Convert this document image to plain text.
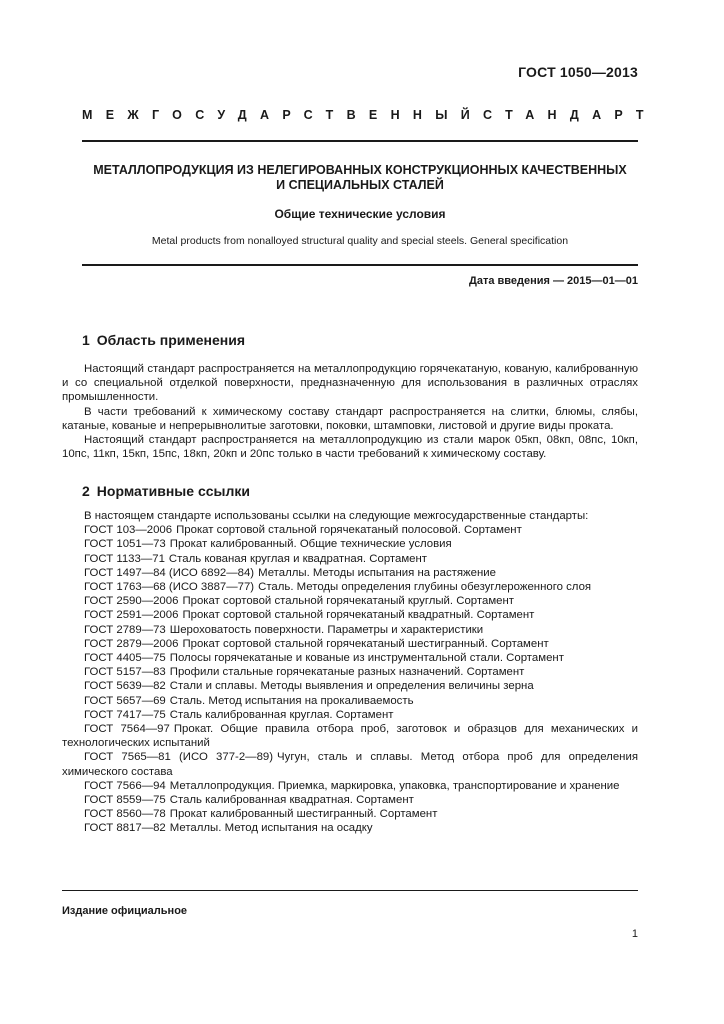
ГОСТ 1050—2013
МЕЖГОСУДАРСТВЕННЫЙ СТАНДАРТ
МЕТАЛЛОПРОДУКЦИЯ ИЗ НЕЛЕГИРОВАННЫХ КОНСТРУКЦИОННЫХ КАЧЕСТВЕННЫХ
И СПЕЦИАЛЬНЫХ СТАЛЕЙ
Общие технические условия
Metal products from nonalloyed structural quality and special steels. General specification
Дата введения — 2015—01—01
1 Область применения

Настоящий стандарт распространяется на металлопродукцию горячекатаную, кованую, калиброванную и со специальной отделкой поверхности, предназначенную для использования в различных отраслях промышленности.

В части требований к химическому составу стандарт распространяется на слитки, блюмы, слябы, катаные, кованые и непрерывнолитые заготовки, поковки, штамповки, листовой и другие виды проката.

Настоящий стандарт распространяется на металлопродукцию из стали марок 05кп, 08кп, 08пс, 10кп, 10пс, 11кп, 15кп, 15пс, 18кп, 20кп и 20пс только в части требований к химическому составу.

2 Нормативные ссылки

В настоящем стандарте использованы ссылки на следующие межгосударственные стандарты:

ГОСТ 103—2006 Прокат сортовой стальной горячекатаный полосовой. Сортамент

ГОСТ 1051—73 Прокат калиброванный. Общие технические условия

ГОСТ 1133—71 Сталь кованая круглая и квадратная. Сортамент

ГОСТ 1497—84 (ИСО 6892—84) Металлы. Методы испытания на растяжение

ГОСТ 1763—68 (ИСО 3887—77) Сталь. Методы определения глубины обезуглероженного слоя

ГОСТ 2590—2006 Прокат сортовой стальной горячекатаный круглый. Сортамент

ГОСТ 2591—2006 Прокат сортовой стальной горячекатаный квадратный. Сортамент

ГОСТ 2789—73 Шероховатость поверхности. Параметры и характеристики

ГОСТ 2879—2006 Прокат сортовой стальной горячекатаный шестигранный. Сортамент

ГОСТ 4405—75 Полосы горячекатаные и кованые из инструментальной стали. Сортамент

ГОСТ 5157—83 Профили стальные горячекатаные разных назначений. Сортамент

ГОСТ 5639—82 Стали и сплавы. Методы выявления и определения величины зерна

ГОСТ 5657—69 Сталь. Метод испытания на прокаливаемость

ГОСТ 7417—75 Сталь калиброванная круглая. Сортамент

ГОСТ 7564—97 Прокат. Общие правила отбора проб, заготовок и образцов для механических и технологических испытаний

ГОСТ 7565—81 (ИСО 377-2—89) Чугун, сталь и сплавы. Метод отбора проб для определения химического состава

ГОСТ 7566—94 Металлопродукция. Приемка, маркировка, упаковка, транспортирование и хранение

ГОСТ 8559—75 Сталь калиброванная квадратная. Сортамент

ГОСТ 8560—78 Прокат калиброванный шестигранный. Сортамент

ГОСТ 8817—82 Металлы. Метод испытания на осадку

Издание официальное
1
